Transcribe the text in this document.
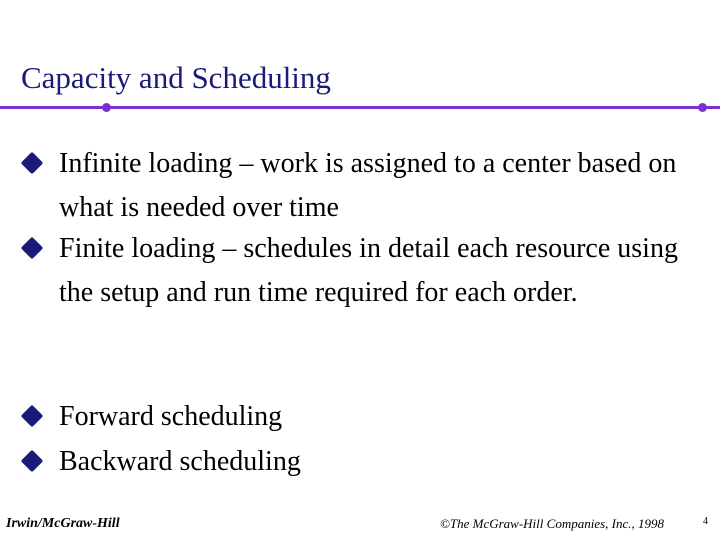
Capacity and Scheduling
Infinite loading – work is assigned to a center based on what is needed over time
Finite loading – schedules in detail each resource using the setup and run time required for each order.
Forward scheduling
Backward scheduling
Irwin/McGraw-Hill	©The McGraw-Hill Companies, Inc., 1998	4
